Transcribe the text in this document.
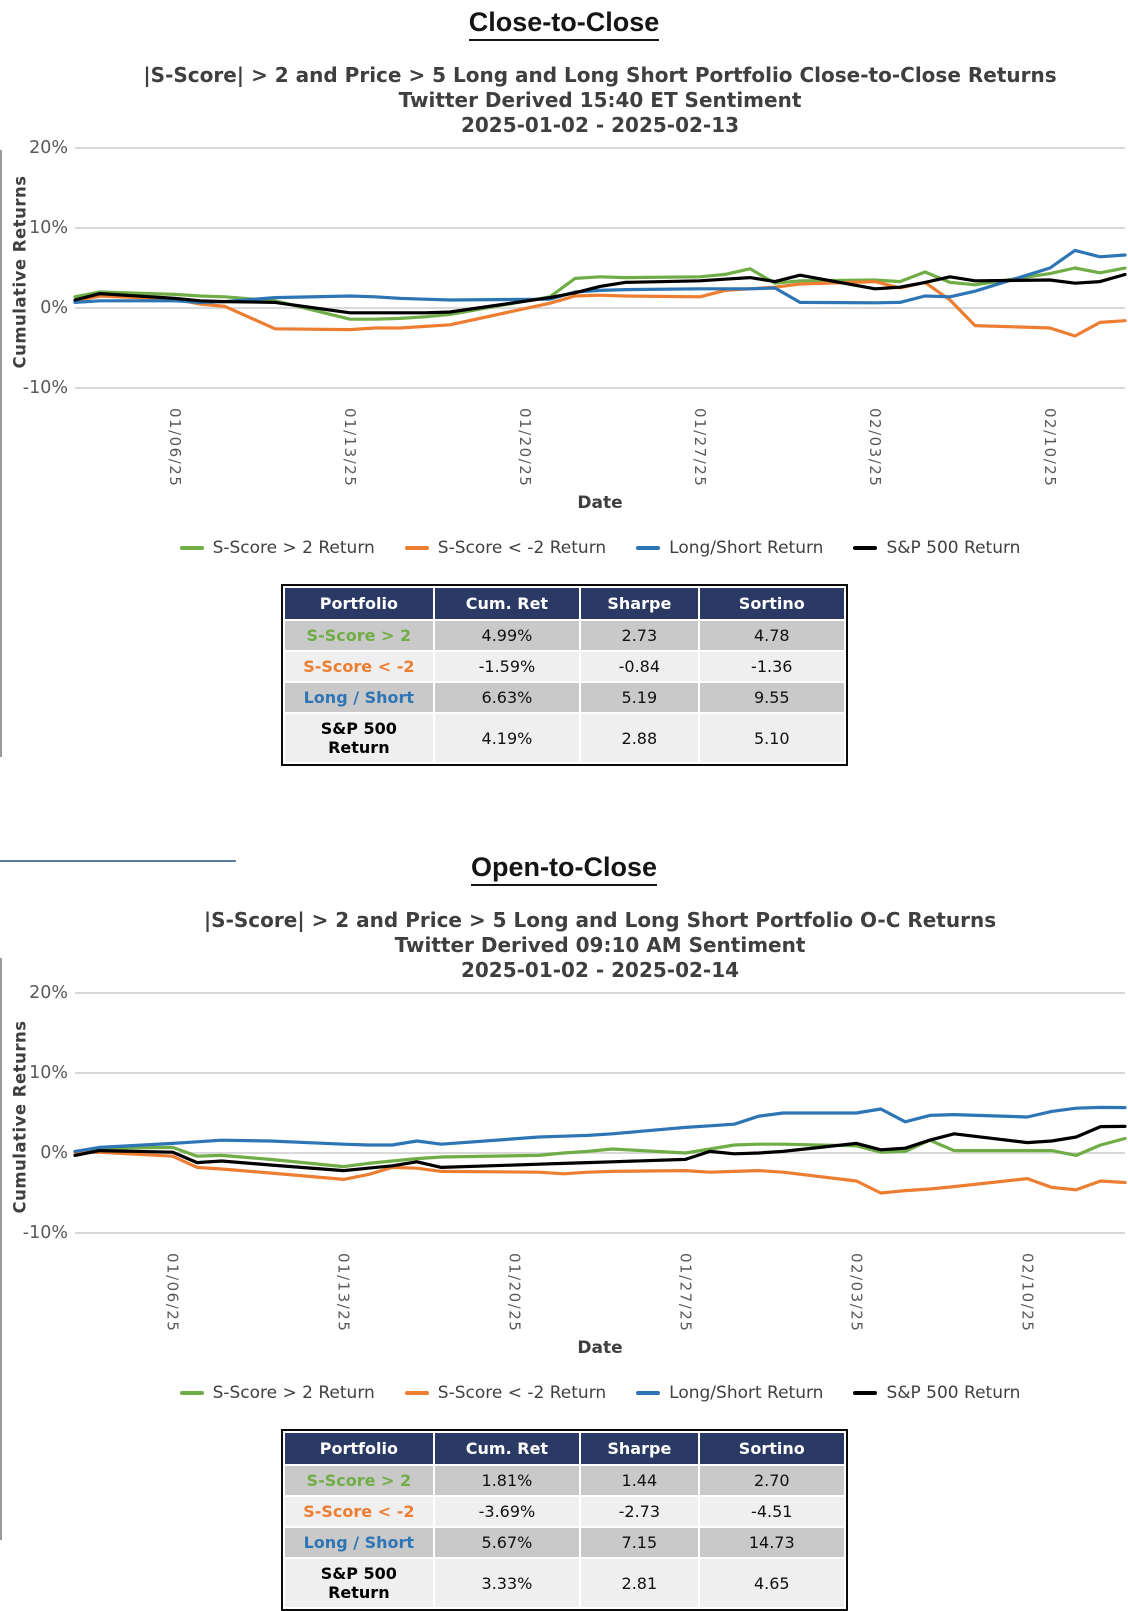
Close-to-Close
|S-Score| > 2 and Price > 5 Long and Long Short Portfolio Close-to-Close Returns
Twitter Derived 15:40 ET Sentiment
2025-01-02 - 2025-02-13
Cumulative Returns
Date
20%
10%
0%
-10%
01/06/25	01/13/25	01/20/25	01/27/25	02/03/25	02/10/25
S-Score > 2 Return	S-Score < -2 Return	Long/Short Return	S&P 500 Return
Portfolio	Cum. Ret	Sharpe	Sortino
S-Score > 2	4.99%	2.73	4.78
S-Score < -2	-1.59%	-0.84	-1.36
Long / Short	6.63%	5.19	9.55
S&P 500 Return	4.19%	2.88	5.10
Open-to-Close
|S-Score| > 2 and Price > 5 Long and Long Short Portfolio O-C Returns
Twitter Derived 09:10 AM Sentiment
2025-01-02 - 2025-02-14
Cumulative Returns
Date
20%
10%
0%
-10%
01/06/25	01/13/25	01/20/25	01/27/25	02/03/25	02/10/25
S-Score > 2 Return	S-Score < -2 Return	Long/Short Return	S&P 500 Return
Portfolio	Cum. Ret	Sharpe	Sortino
S-Score > 2	1.81%	1.44	2.70
S-Score < -2	-3.69%	-2.73	-4.51
Long / Short	5.67%	7.15	14.73
S&P 500 Return	3.33%	2.81	4.65
